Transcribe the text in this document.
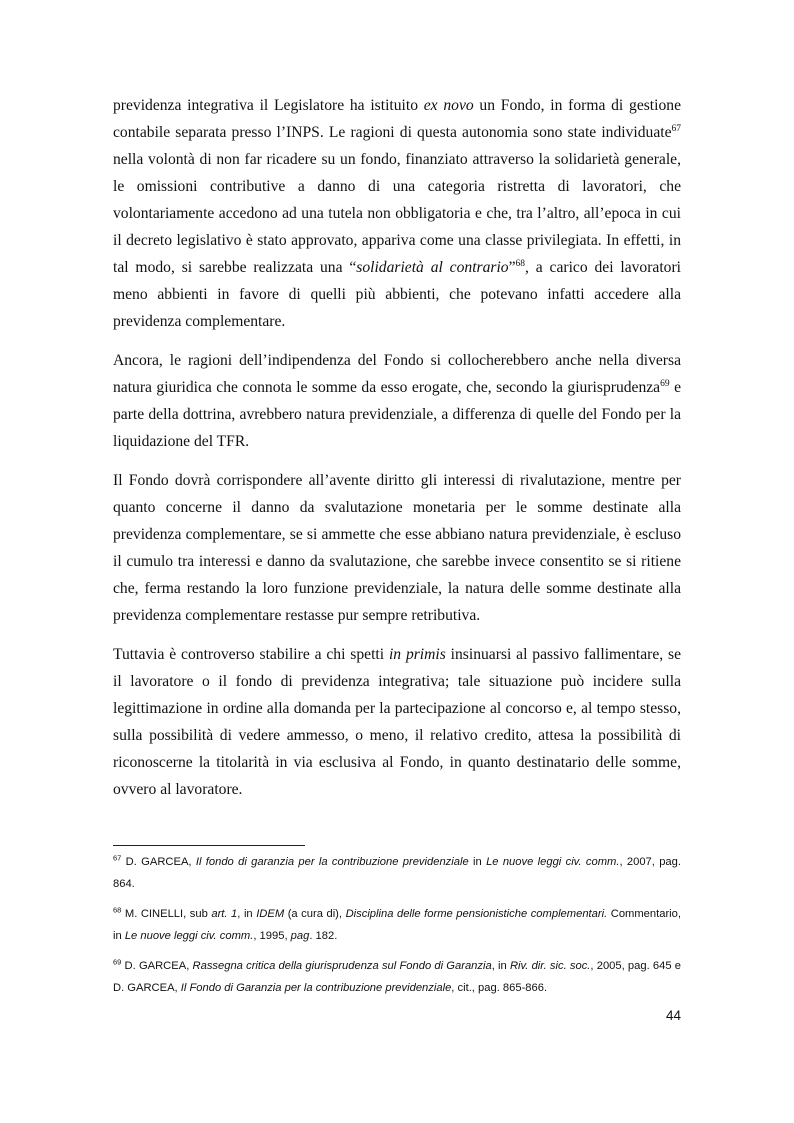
previdenza integrativa il Legislatore ha istituito ex novo un Fondo, in forma di gestione contabile separata presso l’INPS. Le ragioni di questa autonomia sono state individuate$^{67}$ nella volontà di non far ricadere su un fondo, finanziato attraverso la solidarietà generale, le omissioni contributive a danno di una categoria ristretta di lavoratori, che volontariamente accedono ad una tutela non obbligatoria e che, tra l’altro, all’epoca in cui il decreto legislativo è stato approvato, appariva come una classe privilegiata. In effetti, in tal modo, si sarebbe realizzata una “solidarietà al contrario”$^{68}$, a carico dei lavoratori meno abbienti in favore di quelli più abbienti, che potevano infatti accedere alla previdenza complementare.

Ancora, le ragioni dell’indipendenza del Fondo si collocherebbero anche nella diversa natura giuridica che connota le somme da esso erogate, che, secondo la giurisprudenza$^{69}$ e parte della dottrina, avrebbero natura previdenziale, a differenza di quelle del Fondo per la liquidazione del TFR.

Il Fondo dovrà corrispondere all’avente diritto gli interessi di rivalutazione, mentre per quanto concerne il danno da svalutazione monetaria per le somme destinate alla previdenza complementare, se si ammette che esse abbiano natura previdenziale, è escluso il cumulo tra interessi e danno da svalutazione, che sarebbe invece consentito se si ritiene che, ferma restando la loro funzione previdenziale, la natura delle somme destinate alla previdenza complementare restasse pur sempre retributiva.

Tuttavia è controverso stabilire a chi spetti in primis insinuarsi al passivo fallimentare, se il lavoratore o il fondo di previdenza integrativa; tale situazione può incidere sulla legittimazione in ordine alla domanda per la partecipazione al concorso e, al tempo stesso, sulla possibilità di vedere ammesso, o meno, il relativo credito, attesa la possibilità di riconoscerne la titolarità in via esclusiva al Fondo, in quanto destinatario delle somme, ovvero al lavoratore.

$^{67}$ D. GARCEA, Il fondo di garanzia per la contribuzione previdenziale in Le nuove leggi civ. comm., 2007, pag. 864.

$^{68}$ M. CINELLI, sub art. 1, in IDEM (a cura di), Disciplina delle forme pensionistiche complementari. Commentario, in Le nuove leggi civ. comm., 1995, pag. 182.

$^{69}$ D. GARCEA, Rassegna critica della giurisprudenza sul Fondo di Garanzia, in Riv. dir. sic. soc., 2005, pag. 645 e D. GARCEA, Il Fondo di Garanzia per la contribuzione previdenziale, cit., pag. 865-866.

44
